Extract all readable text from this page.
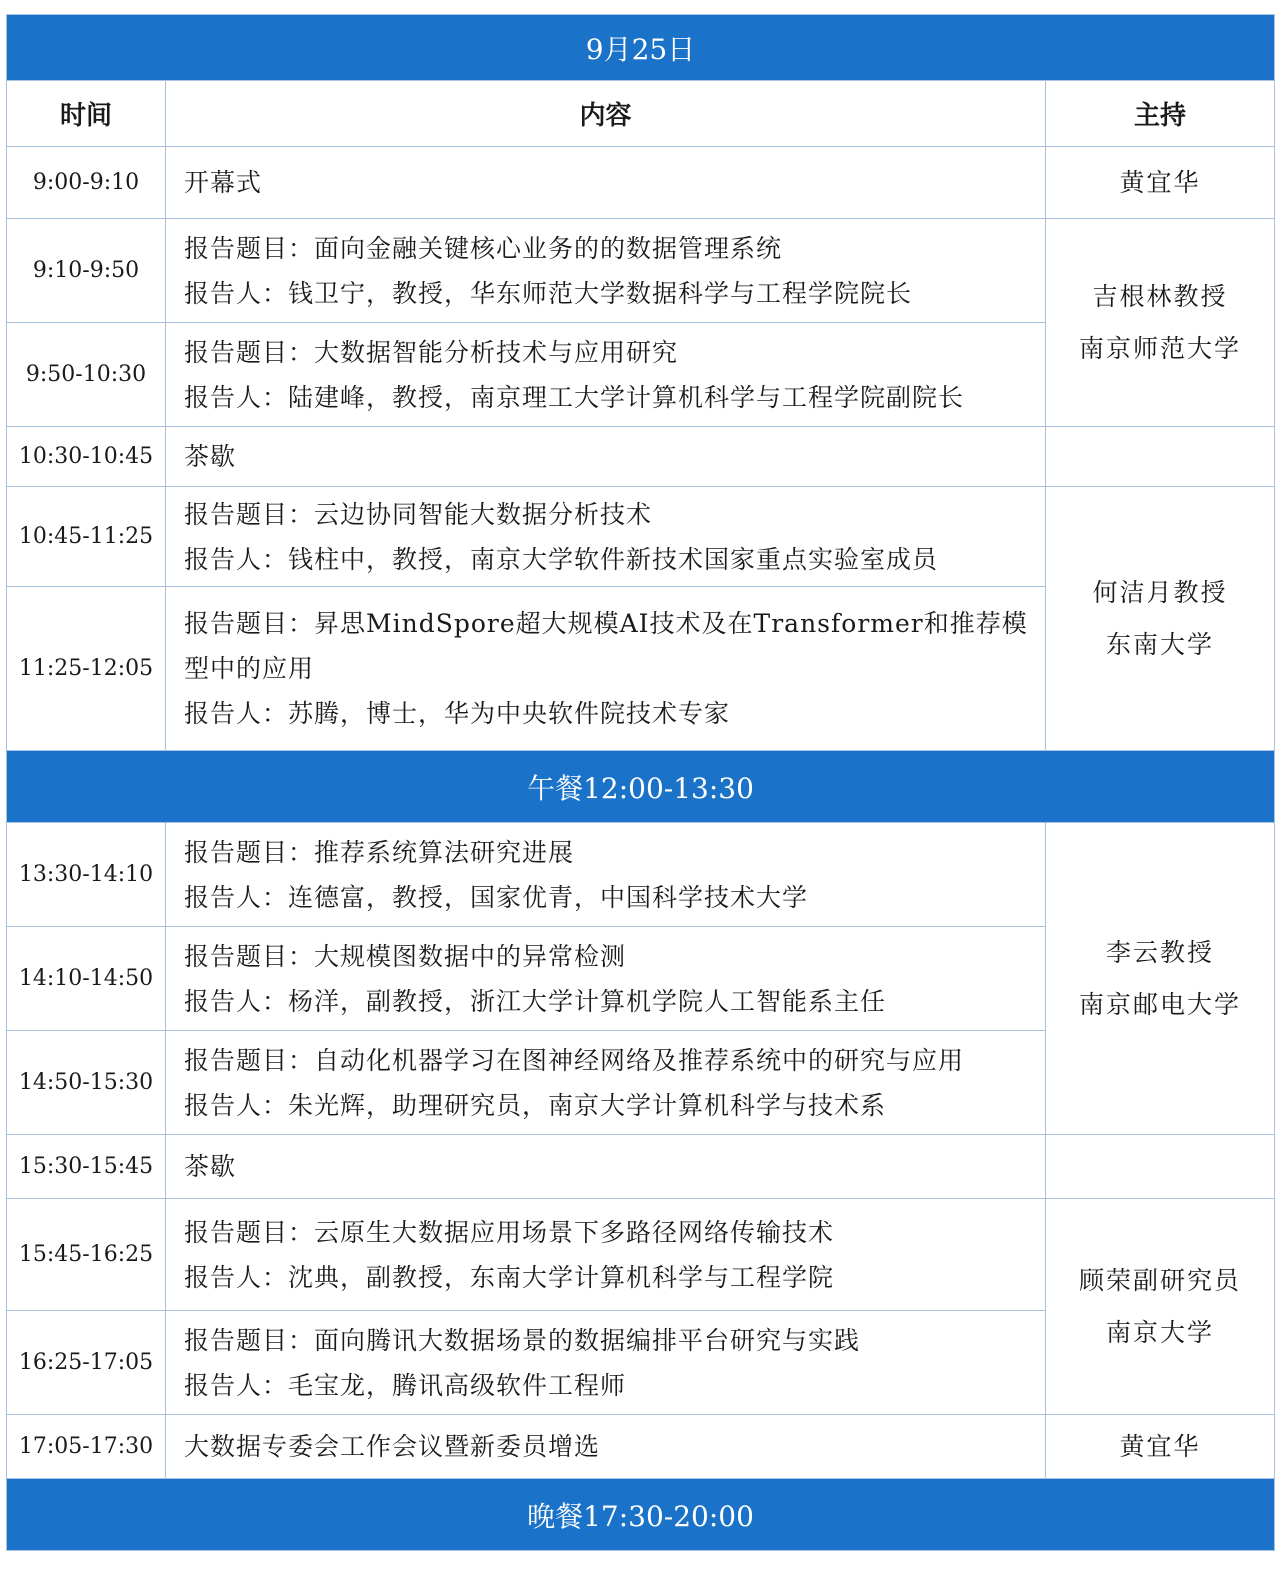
9月25日		
时间	内容	主持
9:00-9:10	开幕式	黄宜华

9:10-9:50	报告题目：面向金融关键核心业务的的数据管理系统
报告人：钱卫宁，教授，华东师范大学数据科学与工程学院院长	吉根林教授
南京师范大学

9:50-10:30	报告题目：大数据智能分析技术与应用研究
报告人：陆建峰，教授，南京理工大学计算机科学与工程学院副院长	

10:30-10:45	茶歇	

10:45-11:25	报告题目：云边协同智能大数据分析技术
报告人：钱柱中，教授，南京大学软件新技术国家重点实验室成员	何洁月教授
东南大学

11:25-12:05	报告题目：昇思MindSpore超大规模AI技术及在Transformer和推荐模
型中的应用
报告人：苏腾，博士，华为中央软件院技术专家	

午餐12:00-13:30		
13:30-14:10	报告题目：推荐系统算法研究进展
报告人：连德富，教授，国家优青，中国科学技术大学	李云教授
南京邮电大学

14:10-14:50	报告题目：大规模图数据中的异常检测
报告人：杨洋，副教授，浙江大学计算机学院人工智能系主任	

14:50-15:30	报告题目：自动化机器学习在图神经网络及推荐系统中的研究与应用
报告人：朱光辉，助理研究员，南京大学计算机科学与技术系	

15:30-15:45	茶歇	

15:45-16:25	报告题目：云原生大数据应用场景下多路径网络传输技术
报告人：沈典，副教授，东南大学计算机科学与工程学院	顾荣副研究员
南京大学

16:25-17:05	报告题目：面向腾讯大数据场景的数据编排平台研究与实践
报告人：毛宝龙，腾讯高级软件工程师	

17:05-17:30	大数据专委会工作会议暨新委员增选	黄宜华

晚餐17:30-20:00		
